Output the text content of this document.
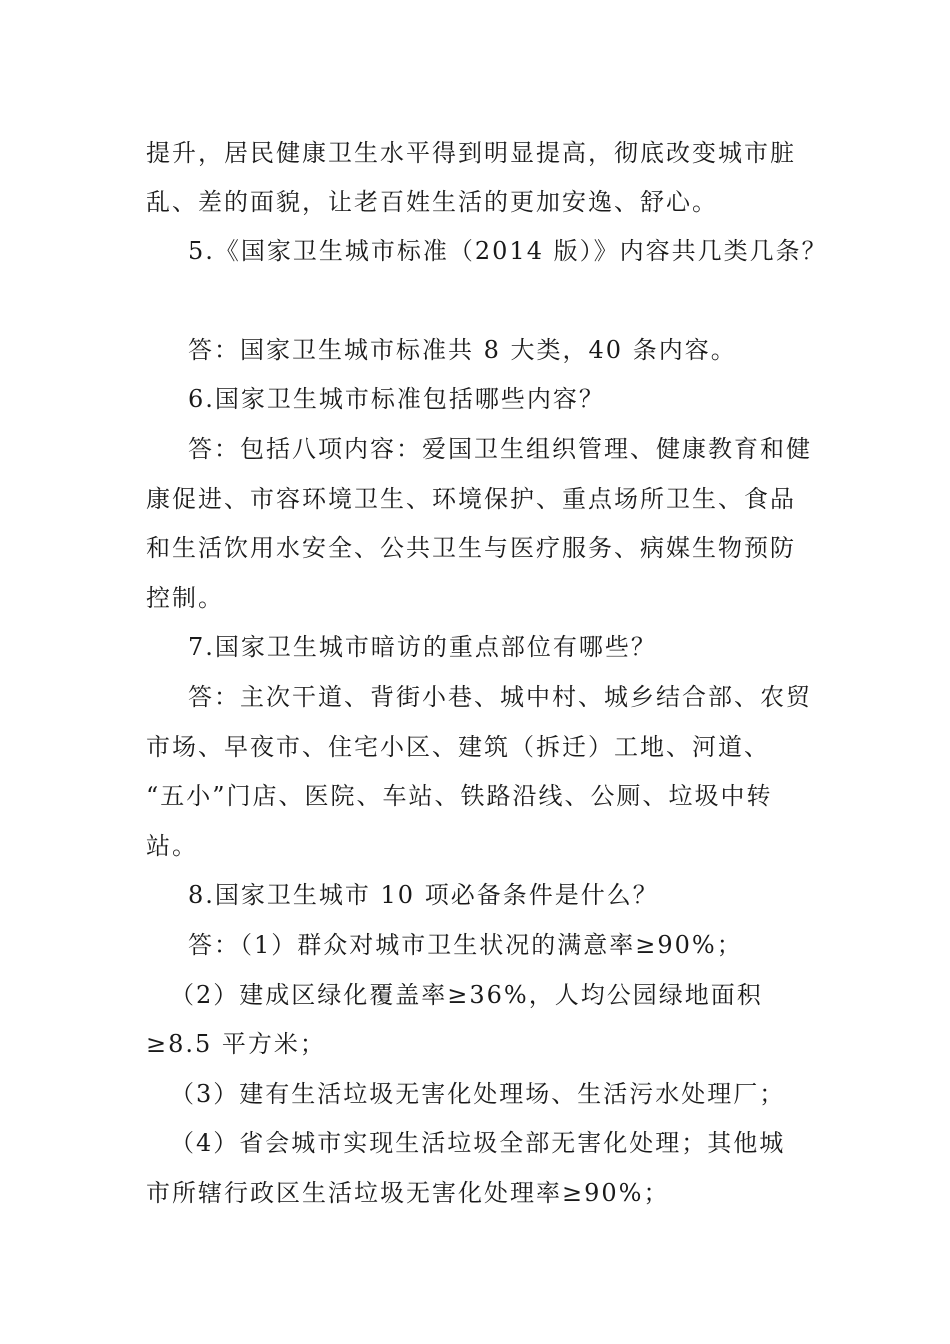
提升，居民健康卫生水平得到明显提高，彻底改变城市脏
乱、差的面貌，让老百姓生活的更加安逸、舒心。
5.《国家卫生城市标准（2014 版）》内容共几类几条？
答：国家卫生城市标准共 8 大类，40 条内容。
6.国家卫生城市标准包括哪些内容？
答：包括八项内容：爱国卫生组织管理、健康教育和健
康促进、市容环境卫生、环境保护、重点场所卫生、食品
和生活饮用水安全、公共卫生与医疗服务、病媒生物预防
控制。
7.国家卫生城市暗访的重点部位有哪些？
答：主次干道、背街小巷、城中村、城乡结合部、农贸
市场、早夜市、住宅小区、建筑（拆迁）工地、河道、
“五小”门店、医院、车站、铁路沿线、公厕、垃圾中转
站。
8.国家卫生城市 10 项必备条件是什么？
答：（1）群众对城市卫生状况的满意率≥90%；
（2）建成区绿化覆盖率≥36%，人均公园绿地面积
≥8.5 平方米；
（3）建有生活垃圾无害化处理场、生活污水处理厂；
（4）省会城市实现生活垃圾全部无害化处理；其他城
市所辖行政区生活垃圾无害化处理率≥90%；
